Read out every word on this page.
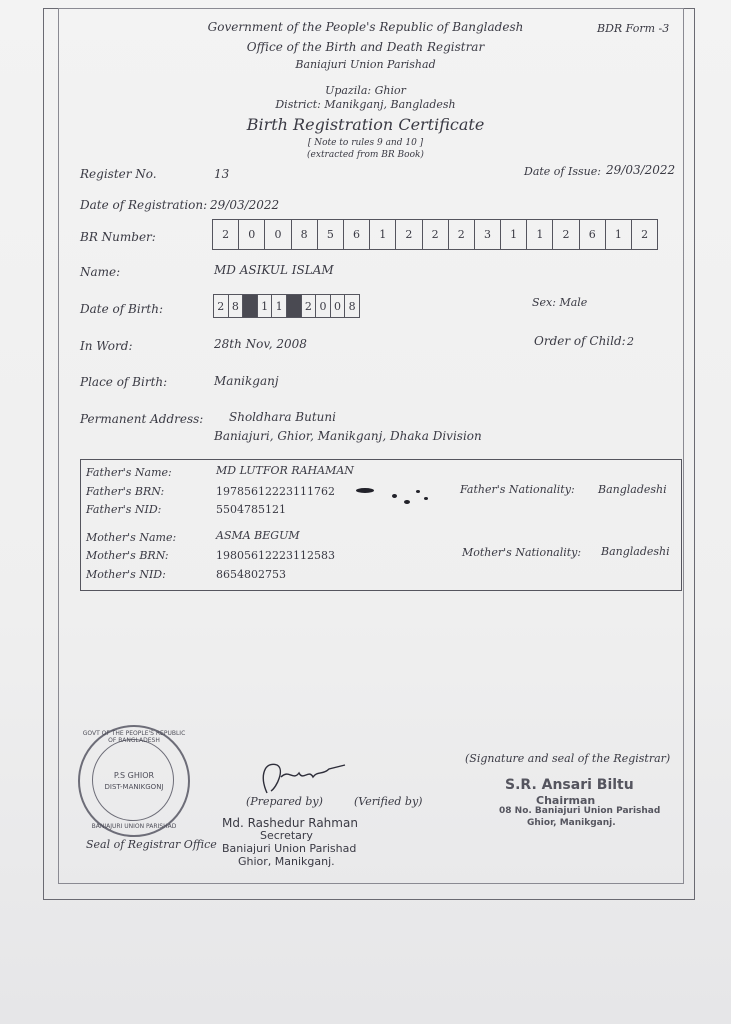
Government of the People's Republic of Bangladesh	BDR Form -3
Office of the Birth and Death Registrar
Baniajuri Union Parishad
Upazila: Ghior
District: Manikganj, Bangladesh
Birth Registration Certificate
[ Note to rules 9 and 10 ]
(extracted from BR Book)
Register No.	13	Date of Issue: 29/03/2022
Date of Registration: 29/03/2022
BR Number:	2	0	0	8	5	6	1	2	2	2	3	1	1	2	6	1	2
Name:	MD ASIKUL ISLAM
Date of Birth:	2 8	1 1	2 0 0 8	Sex: Male
In Word:	28th Nov, 2008	Order of Child: 2
Place of Birth:	Manikganj
Permanent Address: Sholdhara Butuni
Baniajuri, Ghior, Manikganj, Dhaka Division
Father's Name:	MD LUTFOR RAHAMAN
Father's BRN:	19785612223111762
Father's NID:	5504785121
Father's Nationality: Bangladeshi
Mother's Name:	ASMA BEGUM
Mother's BRN:	19805612223112583
Mother's NID:	8654802753
Mother's Nationality: Bangladeshi
GOVT OF THE PEOPLE'S REPUBLIC OF BANGLADESH
P.S GHIOR
DIST-MANIKGONJ
BANIAJURI UNION PARISHAD
Seal of Registrar Office
(Prepared by)	(Verified by)
Md. Rashedur Rahman
Secretary
Baniajuri Union Parishad
Ghior, Manikganj.
(Signature and seal of the Registrar)
S.R. Ansari Biltu
Chairman
08 No. Baniajuri Union Parishad
Ghior, Manikganj.
